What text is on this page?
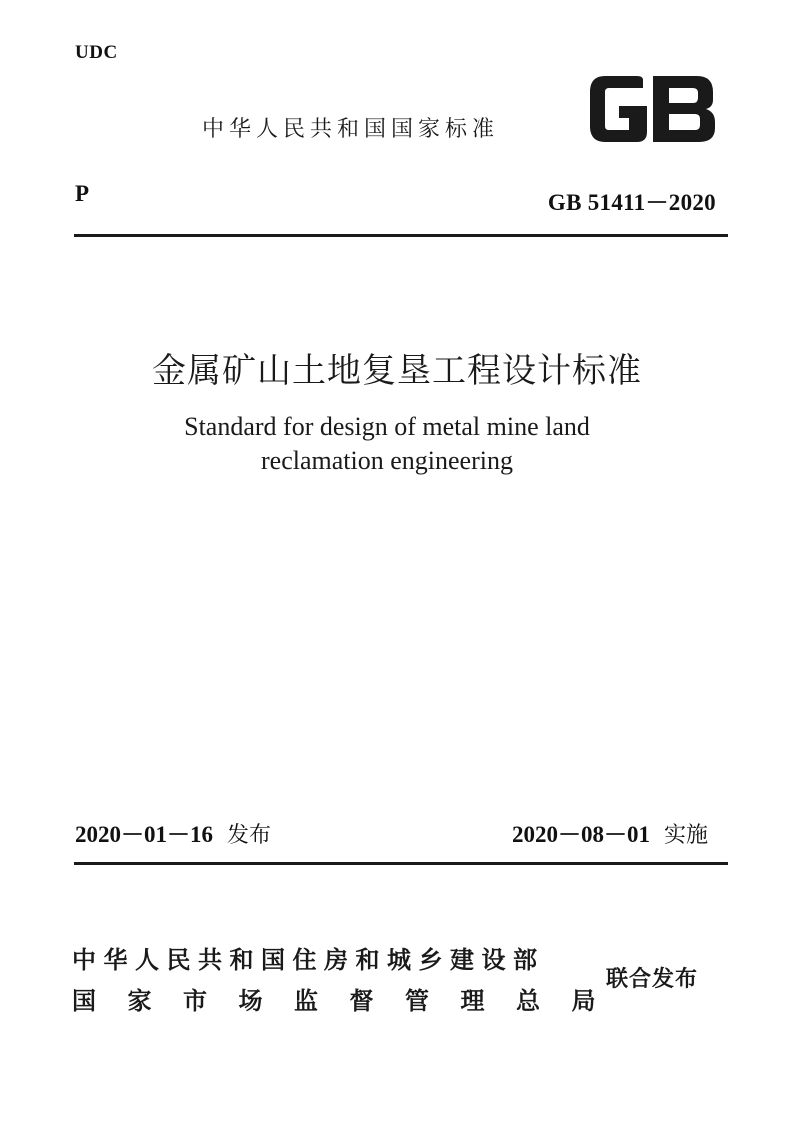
UDC
中华人民共和国国家标准
P	GB 51411－2020
金属矿山土地复垦工程设计标准
Standard for design of metal mine land
reclamation engineering
2020－01－16 发布	2020－08－01 实施
中华人民共和国住房和城乡建设部
国家市场监督管理总局
联合发布
